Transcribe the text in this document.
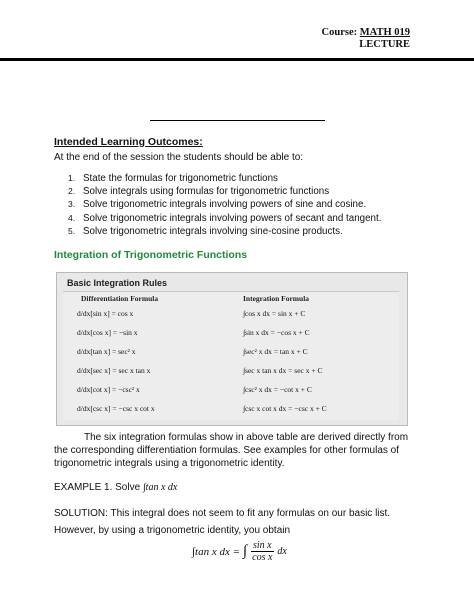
Course: MATH 019
LECTURE
Intended Learning Outcomes:
At the end of the session the students should be able to:
1. State the formulas for trigonometric functions
2. Solve integrals using formulas for trigonometric functions
3. Solve trigonometric integrals involving powers of sine and cosine.
4. Solve trigonometric integrals involving powers of secant and tangent.
5. Solve trigonometric integrals involving sine-cosine products.
Integration of Trigonometric Functions
Basic Integration Rules
Differentiation Formula	Integration Formula
d/dx[sin x] = cos x
d/dx[cos x] = −sin x
d/dx[tan x] = sec² x
d/dx[sec x] = sec x tan x
d/dx[cot x] = −csc² x
d/dx[csc x] = −csc x cot x
∫cos x dx = sin x + C
∫sin x dx = −cos x + C
∫sec² x dx = tan x + C
∫sec x tan x dx = sec x + C
∫csc² x dx = −cot x + C
∫csc x cot x dx = −csc x + C
The six integration formulas show in above table are derived directly from the corresponding differentiation formulas. See examples for other formulas of trigonometric integrals using a trigonometric identity.
EXAMPLE 1. Solve ∫tan x dx
SOLUTION: This integral does not seem to fit any formulas on our basic list.
However, by using a trigonometric identity, you obtain
∫tan x dx = ∫ $\frac{\text{sin x}}{\text{cos x}}$ dx
